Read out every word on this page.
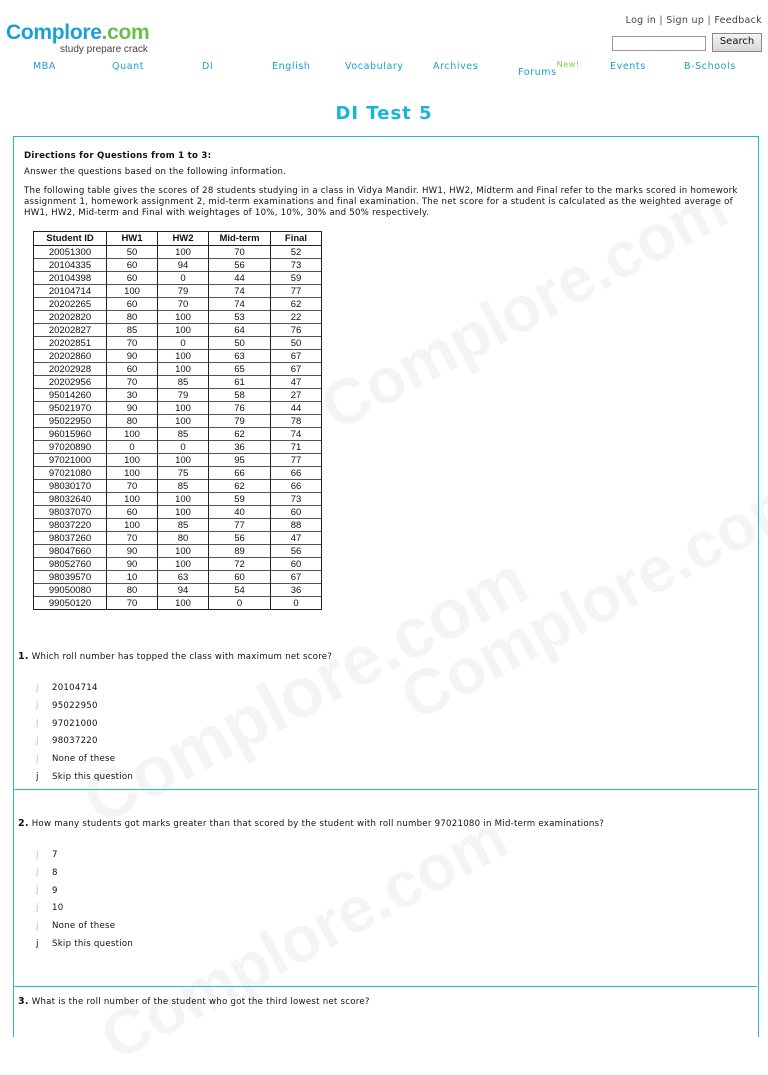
Complore.com
study prepare crack
Log in | Sign up | Feedback
Search
MBA	Quant	DI	English	Vocabulary	Archives
Forums$^{New!}$	Events	B-Schools
DI Test 5
Directions for Questions from 1 to 3:
Answer the questions based on the following information.
The following table gives the scores of 28 students studying in a class in Vidya Mandir. HW1, HW2, Midterm and Final refer to the marks scored in homework assignment 1, homework assignment 2, mid-term examinations and final examination. The net score for a student is calculated as the weighted average of HW1, HW2, Mid-term and Final with weightages of 10%, 10%, 30% and 50% respectively.
Student ID	HW1	HW2	Mid-term	Final
20051300	50	100	70	52
20104335	60	94	56	73
20104398	60	0	44	59
20104714	100	79	74	77
20202265	60	70	74	62
20202820	80	100	53	22
20202827	85	100	64	76
20202851	70	0	50	50
20202860	90	100	63	67
20202928	60	100	65	67
20202956	70	85	61	47
95014260	30	79	58	27
95021970	90	100	76	44
95022950	80	100	79	78
96015960	100	85	62	74
97020890	0	0	36	71
97021000	100	100	95	77
97021080	100	75	66	66
98030170	70	85	62	66
98032640	100	100	59	73
98037070	60	100	40	60
98037220	100	85	77	88
98037260	70	80	56	47
98047660	90	100	89	56
98052760	90	100	72	60
98039570	10	63	60	67
99050080	80	94	54	36
99050120	70	100	0	0
1. Which roll number has topped the class with maximum net score?
j	20104714
j	95022950
j	97021000
j	98037220
j	None of these
j	Skip this question
2. How many students got marks greater than that scored by the student with roll number 97021080 in Mid-term examinations?
j	7
j	8
j	9
j	10
j	None of these
j	Skip this question
3. What is the roll number of the student who got the third lowest net score?
